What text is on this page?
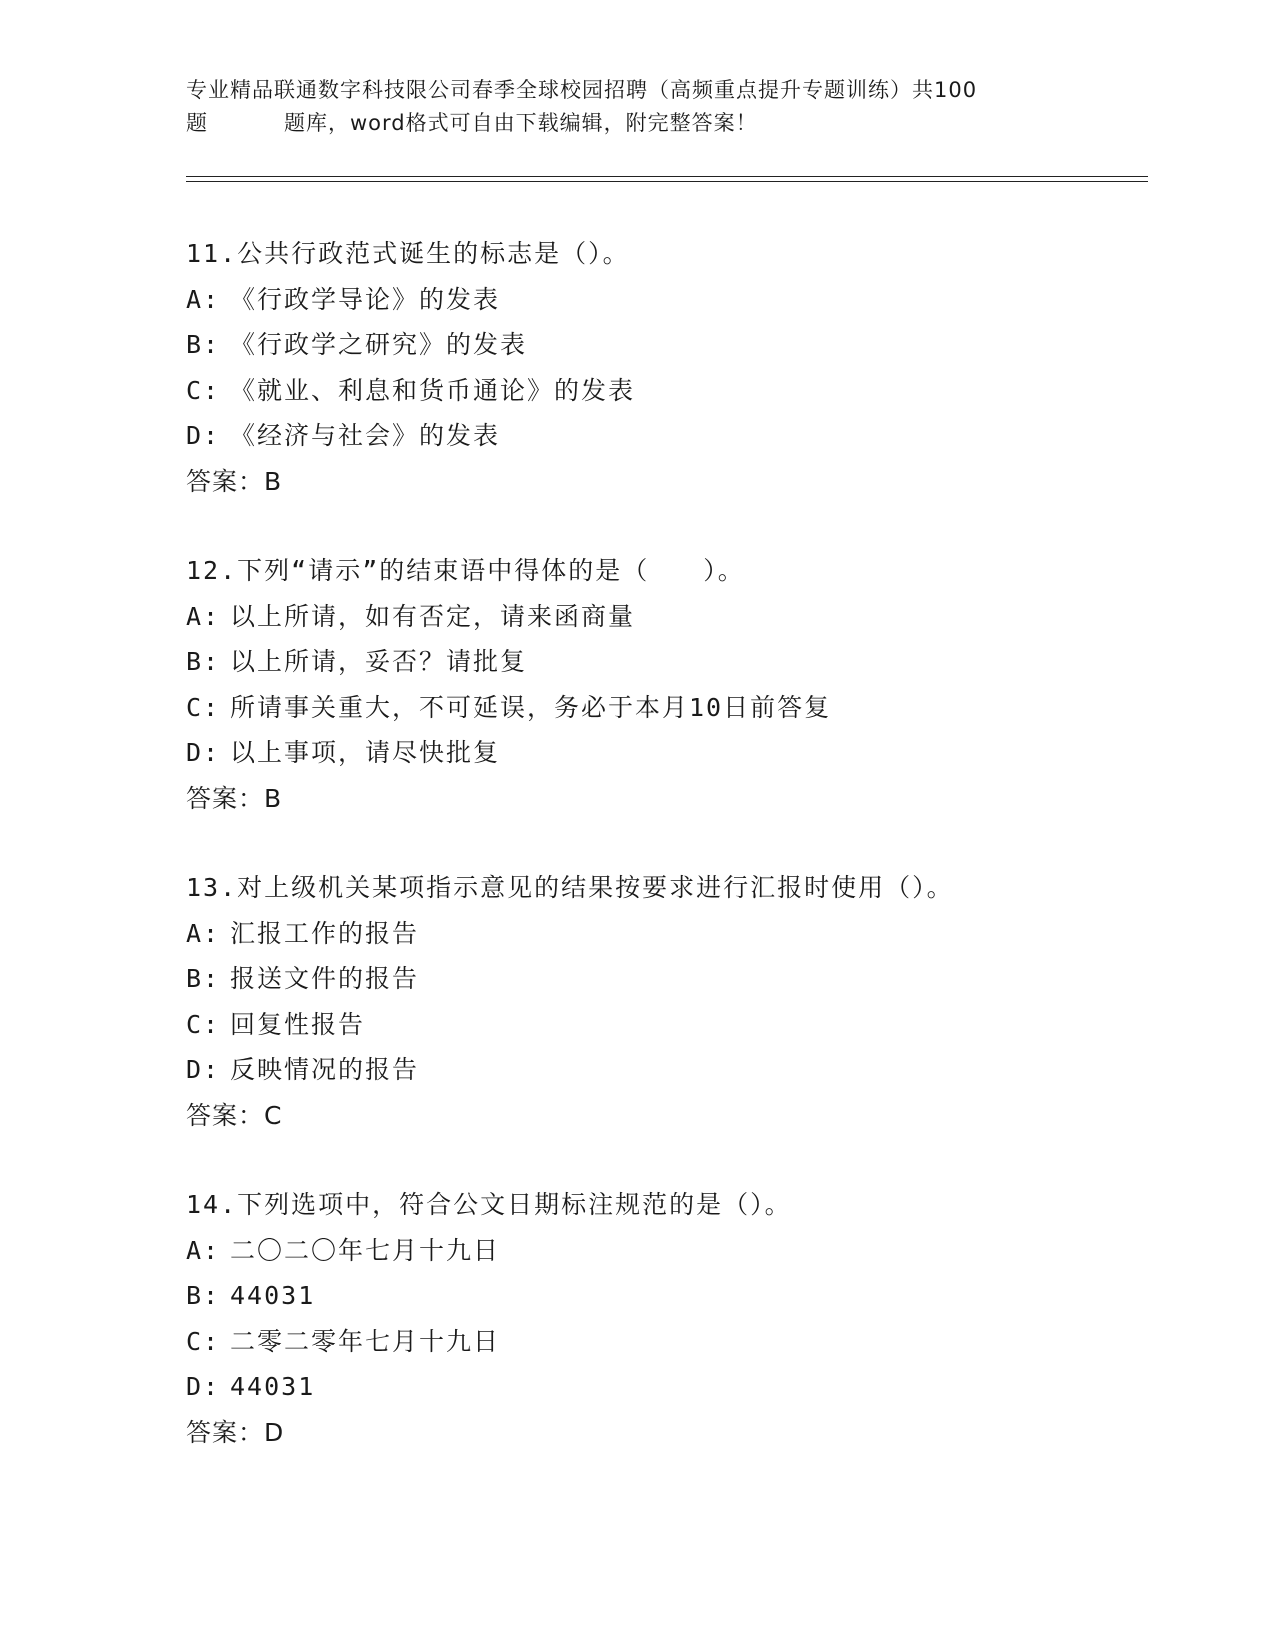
专业精品联通数字科技限公司春季全球校园招聘（高频重点提升专题训练）共100
题	题库，word格式可自由下载编辑，附完整答案！
11.公共行政范式诞生的标志是（）。
A: 《行政学导论》的发表
B: 《行政学之研究》的发表
C: 《就业、利息和货币通论》的发表
D: 《经济与社会》的发表
答案：B
12.下列“请示”的结束语中得体的是（　　）。
A: 以上所请，如有否定，请来函商量
B: 以上所请，妥否？请批复
C: 所请事关重大，不可延误，务必于本月10日前答复
D: 以上事项，请尽快批复
答案：B
13.对上级机关某项指示意见的结果按要求进行汇报时使用（）。
A: 汇报工作的报告
B: 报送文件的报告
C: 回复性报告
D: 反映情况的报告
答案：C
14.下列选项中，符合公文日期标注规范的是（）。
A: 二〇二〇年七月十九日
B: 44031
C: 二零二零年七月十九日
D: 44031
答案：D
